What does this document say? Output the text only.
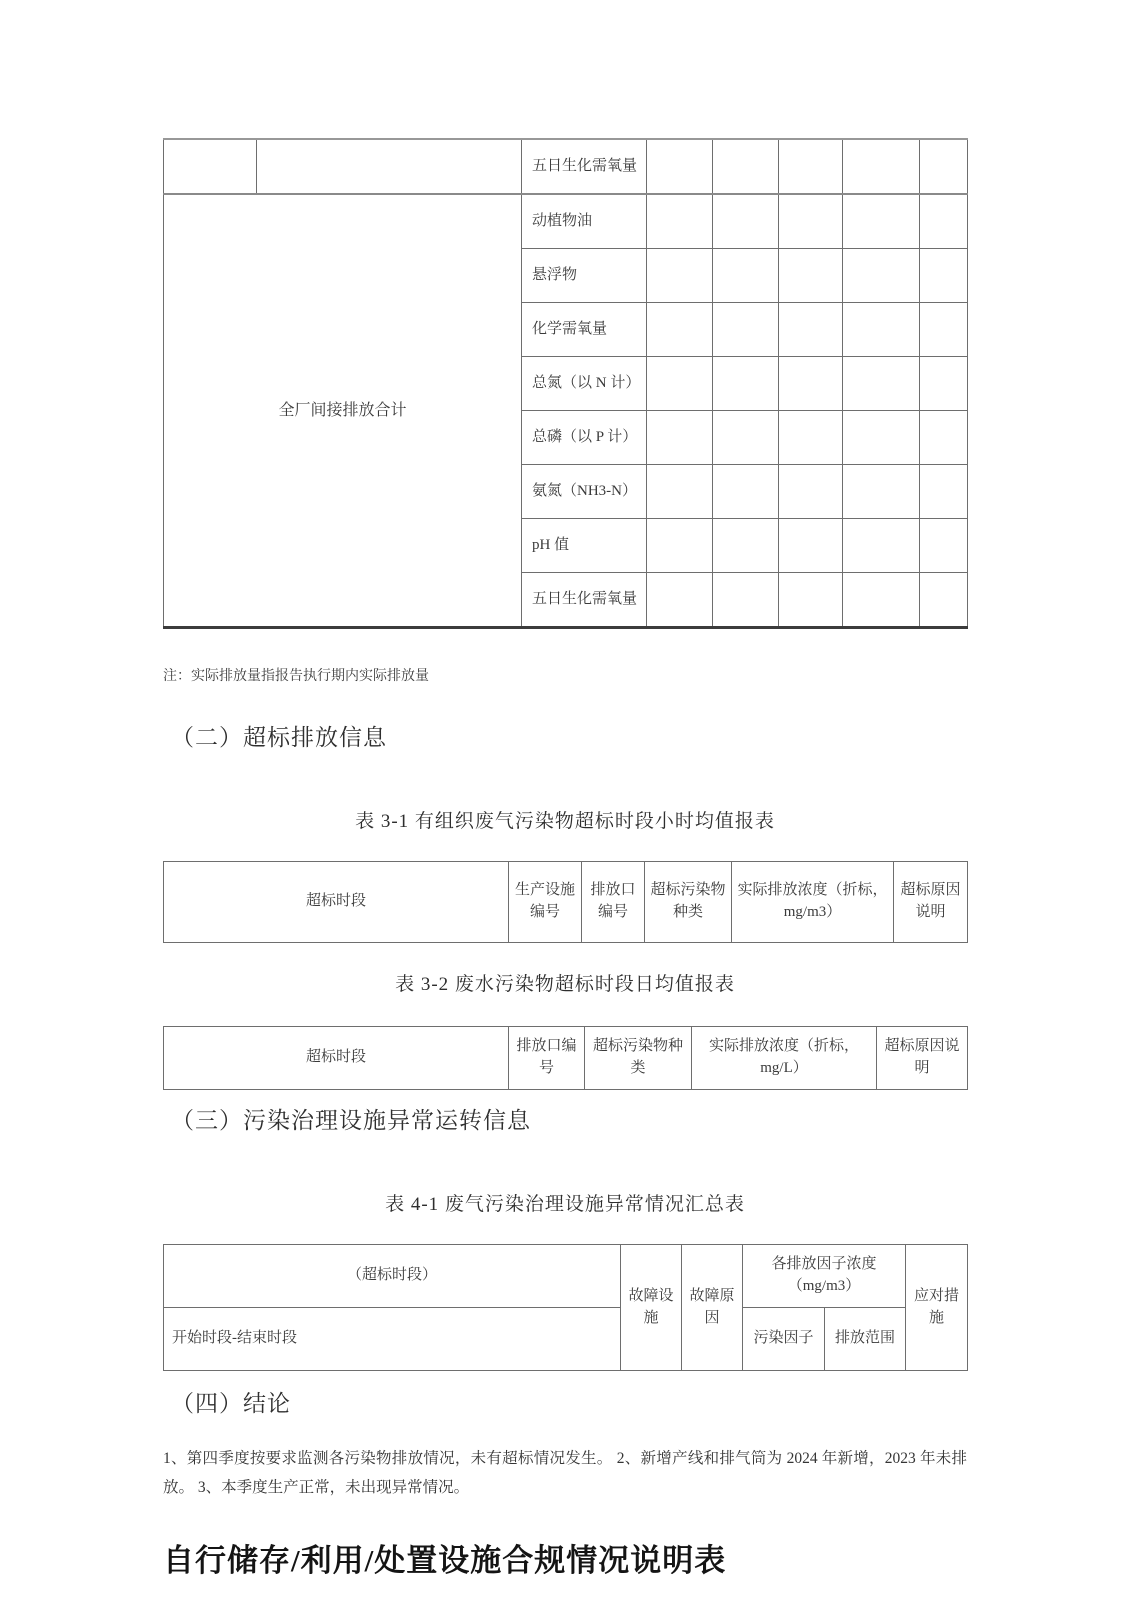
		五日生化需氧量					
全厂间接排放合计		动植物油					
		悬浮物					
		化学需氧量					
		总氮（以 N 计）					
		总磷（以 P 计）					
		氨氮（NH3-N）					
		pH 值					
		五日生化需氧量					

注：实际排放量指报告执行期内实际排放量

（二）超标排放信息

表 3-1 有组织废气污染物超标时段小时均值报表

超标时段	生产设施编号	排放口编号	超标污染物种类	实际排放浓度（折标，mg/m3）	超标原因说明

表 3-2 废水污染物超标时段日均值报表

超标时段	排放口编号	超标污染物种类	实际排放浓度（折标，mg/L）	超标原因说明
（三）污染治理设施异常运转信息

表 4-1 废气污染治理设施异常情况汇总表

（超标时段）	故障设施	故障原因	各排放因子浓度（mg/m3）		应对措施
开始时段-结束时段			污染因子	排放范围	
（四）结论

1、第四季度按要求监测各污染物排放情况，未有超标情况发生。 2、新增产线和排气筒为 2024 年新增，2023 年未排放。 3、本季度生产正常，未出现异常情况。

自行储存/利用/处置设施合规情况说明表
